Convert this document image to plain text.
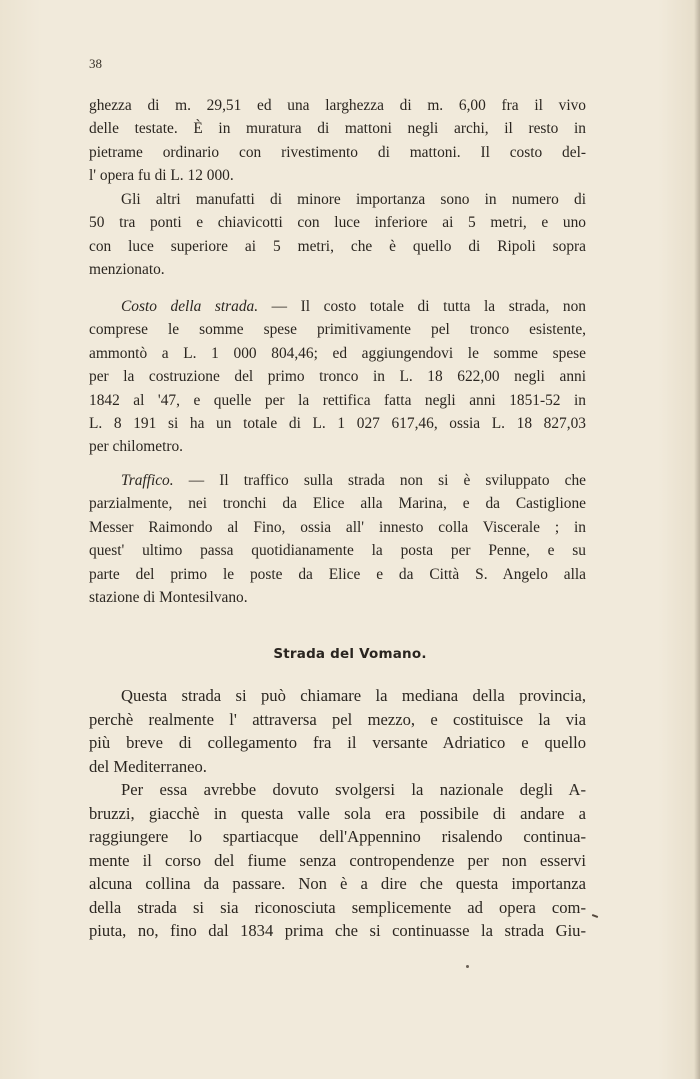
38
ghezza di m. 29,51 ed una larghezza di m. 6,00 fra il vivo
delle testate. È in muratura di mattoni negli archi, il resto in
pietrame ordinario con rivestimento di mattoni. Il costo del-
l' opera fu di L. 12 000.
Gli altri manufatti di minore importanza sono in numero di
50 tra ponti e chiavicotti con luce inferiore ai 5 metri, e uno
con luce superiore ai 5 metri, che è quello di Ripoli sopra
menzionato.
Costo della strada. — Il costo totale di tutta la strada, non
comprese le somme spese primitivamente pel tronco esistente,
ammontò a L. 1 000 804,46; ed aggiungendovi le somme spese
per la costruzione del primo tronco in L. 18 622,00 negli anni
1842 al '47, e quelle per la rettifica fatta negli anni 1851-52 in
L. 8 191 si ha un totale di L. 1 027 617,46, ossia L. 18 827,03
per chilometro.
Traffico. — Il traffico sulla strada non si è sviluppato che
parzialmente, nei tronchi da Elice alla Marina, e da Castiglione
Messer Raimondo al Fino, ossia all' innesto colla Viscerale ; in
quest' ultimo passa quotidianamente la posta per Penne, e su
parte del primo le poste da Elice e da Città S. Angelo alla
stazione di Montesilvano.
Strada del Vomano.
Questa strada si può chiamare la mediana della provincia,
perchè realmente l' attraversa pel mezzo, e costituisce la via
più breve di collegamento fra il versante Adriatico e quello
del Mediterraneo.
Per essa avrebbe dovuto svolgersi la nazionale degli A-
bruzzi, giacchè in questa valle sola era possibile di andare a
raggiungere lo spartiacque dell'Appennino risalendo continua-
mente il corso del fiume senza contropendenze per non esservi
alcuna collina da passare. Non è a dire che questa importanza
della strada si sia riconosciuta semplicemente ad opera com-
piuta, no, fino dal 1834 prima che si continuasse la strada Giu-
